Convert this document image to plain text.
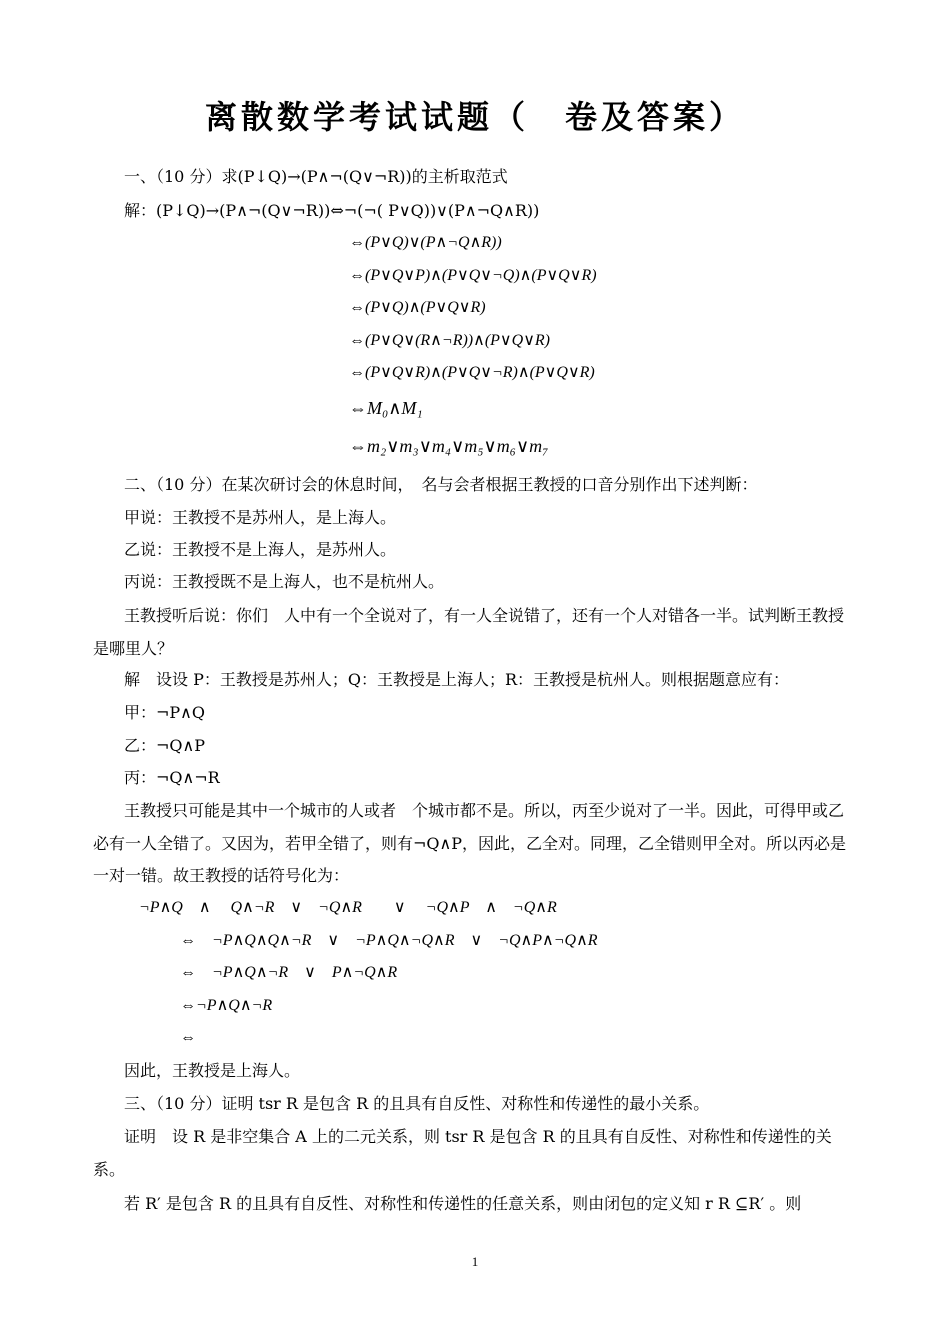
离散数学考试试题（　卷及答案）
一、（10 分）求(P↓Q)→(P∧¬(Q∨¬R))的主析取范式
解：(P↓Q)→(P∧¬(Q∨¬R))⇔¬(¬( P∨Q))∨(P∧¬Q∧R))
⇔(P∨Q)∨(P∧¬Q∧R))
⇔(P∨Q∨P)∧(P∨Q∨¬Q)∧(P∨Q∨R)
⇔(P∨Q)∧(P∨Q∨R)
⇔(P∨Q∨(R∧¬R))∧(P∨Q∨R)
⇔(P∨Q∨R)∧(P∨Q∨¬R)∧(P∨Q∨R)
⇔M₀∧M₁
⇔m₂∨m₃∨m₄∨m₅∨m₆∨m₇
二、（10 分）在某次研讨会的休息时间，　名与会者根据王教授的口音分别作出下述判断：
甲说：王教授不是苏州人，是上海人。
乙说：王教授不是上海人，是苏州人。
丙说：王教授既不是上海人，也不是杭州人。
王教授听后说：你们　人中有一个全说对了，有一人全说错了，还有一个人对错各一半。试判断王教授是哪里人？
解　设设 P：王教授是苏州人；Q：王教授是上海人；R：王教授是杭州人。则根据题意应有：
甲：¬P∧Q
乙：¬Q∧P
丙：¬Q∧¬R
王教授只可能是其中一个城市的人或者　个城市都不是。所以，丙至少说对了一半。因此，可得甲或乙必有一人全错了。又因为，若甲全错了，则有¬Q∧P，因此，乙全对。同理，乙全错则甲全对。所以丙必是一对一错。故王教授的话符号化为：
¬P∧Q　∧　 Q∧¬R　∨　¬Q∧R　　∨　 ¬Q∧P　∧　¬Q∧R
⇔　¬P∧Q∧Q∧¬R　∨　¬P∧Q∧¬Q∧R　∨　¬Q∧P∧¬Q∧R
⇔　¬P∧Q∧¬R　∨　P∧¬Q∧R
⇔¬P∧Q∧¬R
⇔
因此，王教授是上海人。
三、（10 分）证明 tsr R 是包含 R 的且具有自反性、对称性和传递性的最小关系。
证明　设 R 是非空集合 A 上的二元关系，则 tsr R 是包含 R 的且具有自反性、对称性和传递性的关系。
若 R′ 是包含 R 的且具有自反性、对称性和传递性的任意关系，则由闭包的定义知 r R ⊆R′ 。则
1
